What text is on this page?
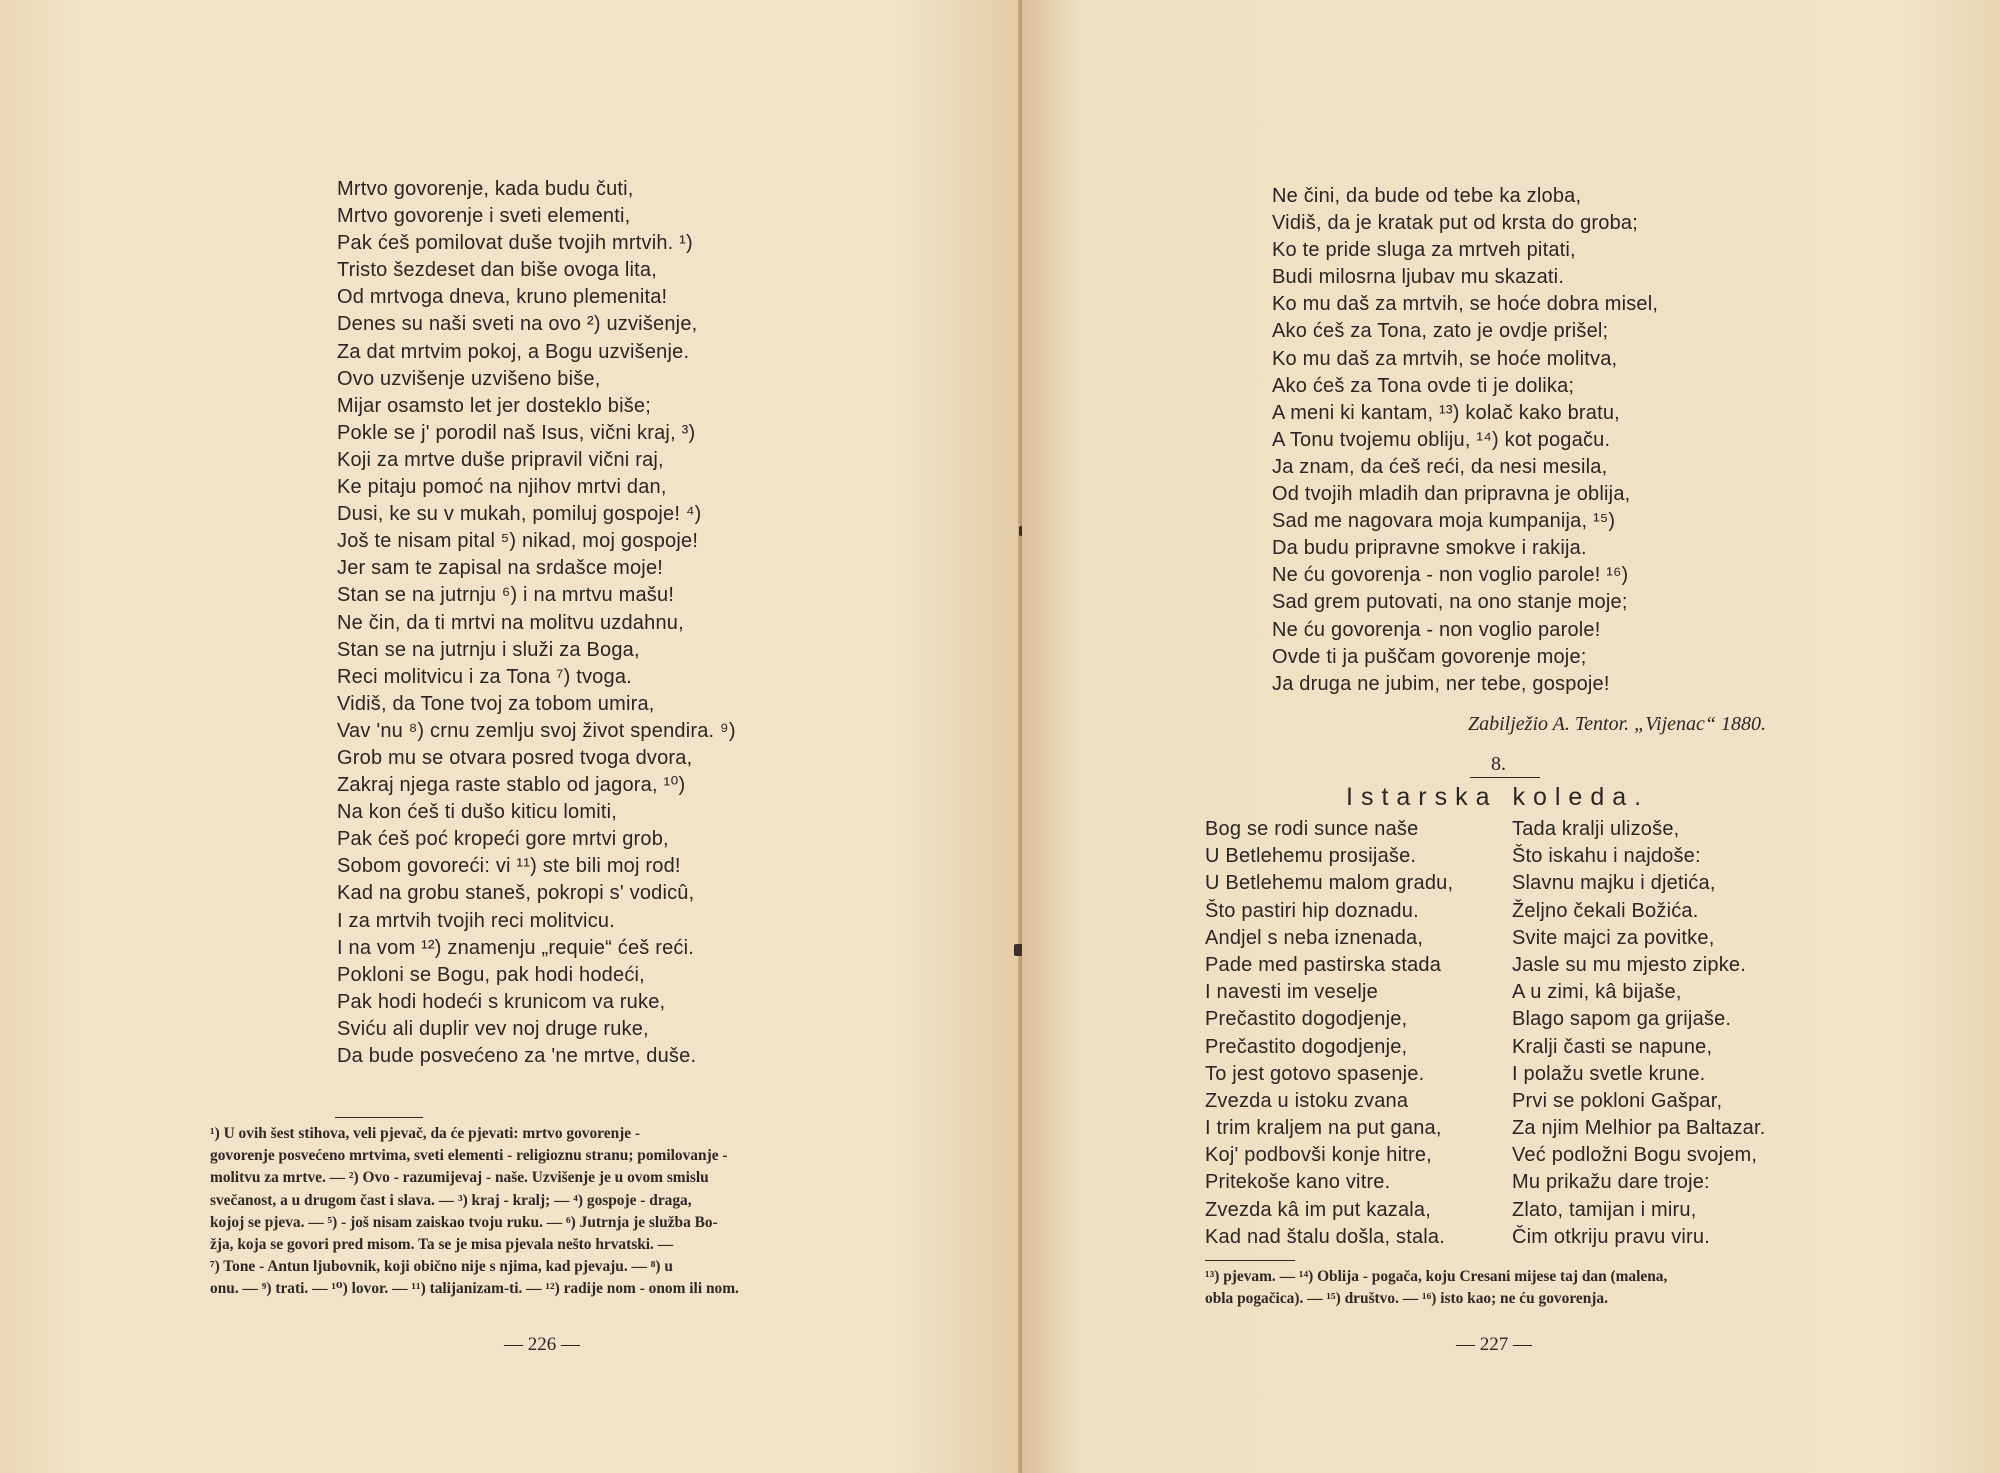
Mrtvo govorenje, kada budu čuti,
Mrtvo govorenje i sveti elementi,
Pak ćeš pomilovat duše tvojih mrtvih. ¹)
Tristo šezdeset dan biše ovoga lita,
Od mrtvoga dneva, kruno plemenita!
Denes su naši sveti na ovo ²) uzvišenje,
Za dat mrtvim pokoj, a Bogu uzvišenje.
Ovo uzvišenje uzvišeno biše,
Mijar osamsto let jer dosteklo biše;
Pokle se j' porodil naš Isus, vični kraj, ³)
Koji za mrtve duše pripravil vični raj,
Ke pitaju pomoć na njihov mrtvi dan,
Dusi, ke su v mukah, pomiluj gospoje! ⁴)
Još te nisam pital ⁵) nikad, moj gospoje!
Jer sam te zapisal na srdašce moje!
Stan se na jutrnju ⁶) i na mrtvu mašu!
Ne čin, da ti mrtvi na molitvu uzdahnu,
Stan se na jutrnju i služi za Boga,
Reci molitvicu i za Tona ⁷) tvoga.
Vidiš, da Tone tvoj za tobom umira,
Vav 'nu ⁸) crnu zemlju svoj život spendira. ⁹)
Grob mu se otvara posred tvoga dvora,
Zakraj njega raste stablo od jagora, ¹⁰)
Na kon ćeš ti dušo kiticu lomiti,
Pak ćeš poć kropeći gore mrtvi grob,
Sobom govoreći: vi ¹¹) ste bili moj rod!
Kad na grobu staneš, pokropi s' vodicû,
I za mrtvih tvojih reci molitvicu.
I na vom ¹²) znamenju „requie“ ćeš reći.
Pokloni se Bogu, pak hodi hodeći,
Pak hodi hodeći s krunicom va ruke,
Sviću ali duplir vev noj druge ruke,
Da bude posvećeno za 'ne mrtve, duše.
¹) U ovih šest stihova, veli pjevač, da će pjevati: mrtvo govorenje -
govorenje posvećeno mrtvima, sveti elementi - religioznu stranu; pomilovanje -
molitvu za mrtve. — ²) Ovo - razumijevaj - naše. Uzvišenje je u ovom smislu
svečanost, a u drugom čast i slava. — ³) kraj - kralj; — ⁴) gospoje - draga,
kojoj se pjeva. — ⁵) - još nisam zaiskao tvoju ruku. — ⁶) Jutrnja je služba Bo-
žja, koja se govori pred misom. Ta se je misa pjevala nešto hrvatski. —
⁷) Tone - Antun ljubovnik, koji obično nije s njima, kad pjevaju. — ⁸) u
onu. — ⁹) trati. — ¹⁰) lovor. — ¹¹) talijanizam-ti. — ¹²) radije nom - onom ili nom.
— 226 —
Ne čini, da bude od tebe ka zloba,
Vidiš, da je kratak put od krsta do groba;
Ko te pride sluga za mrtveh pitati,
Budi milosrna ljubav mu skazati.
Ko mu daš za mrtvih, se hoće dobra misel,
Ako ćeš za Tona, zato je ovdje prišel;
Ko mu daš za mrtvih, se hoće molitva,
Ako ćeš za Tona ovde ti je dolika;
A meni ki kantam, ¹³) kolač kako bratu,
A Tonu tvojemu obliju, ¹⁴) kot pogaču.
Ja znam, da ćeš reći, da nesi mesila,
Od tvojih mladih dan pripravna je oblija,
Sad me nagovara moja kumpanija, ¹⁵)
Da budu pripravne smokve i rakija.
Ne ću govorenja - non voglio parole! ¹⁶)
Sad grem putovati, na ono stanje moje;
Ne ću govorenja - non voglio parole!
Ovde ti ja puščam govorenje moje;
Ja druga ne jubim, ner tebe, gospoje!
Zabilježio A. Tentor. „Vijenac“ 1880.
8.
Istarska koleda.
Bog se rodi sunce naše
U Betlehemu prosijaše.
U Betlehemu malom gradu,
Što pastiri hip doznadu.
Andjel s neba iznenada,
Pade med pastirska stada
I navesti im veselje
Prečastito dogodjenje,
Prečastito dogodjenje,
To jest gotovo spasenje.
Zvezda u istoku zvana
I trim kraljem na put gana,
Koj' podbovši konje hitre,
Pritekoše kano vitre.
Zvezda kâ im put kazala,
Kad nad štalu došla, stala.
Tada kralji ulizoše,
Što iskahu i najdoše:
Slavnu majku i djetića,
Željno čekali Božića.
Svite majci za povitke,
Jasle su mu mjesto zipke.
A u zimi, kâ bijaše,
Blago sapom ga grijaše.
Kralji časti se napune,
I polažu svetle krune.
Prvi se pokloni Gašpar,
Za njim Melhior pa Baltazar.
Već podložni Bogu svojem,
Mu prikažu dare troje:
Zlato, tamijan i miru,
Čim otkriju pravu viru.
¹³) pjevam. — ¹⁴) Oblija - pogača, koju Cresani mijese taj dan (malena,
obla pogačica). — ¹⁵) društvo. — ¹⁶) isto kao; ne ću govorenja.
— 227 —
